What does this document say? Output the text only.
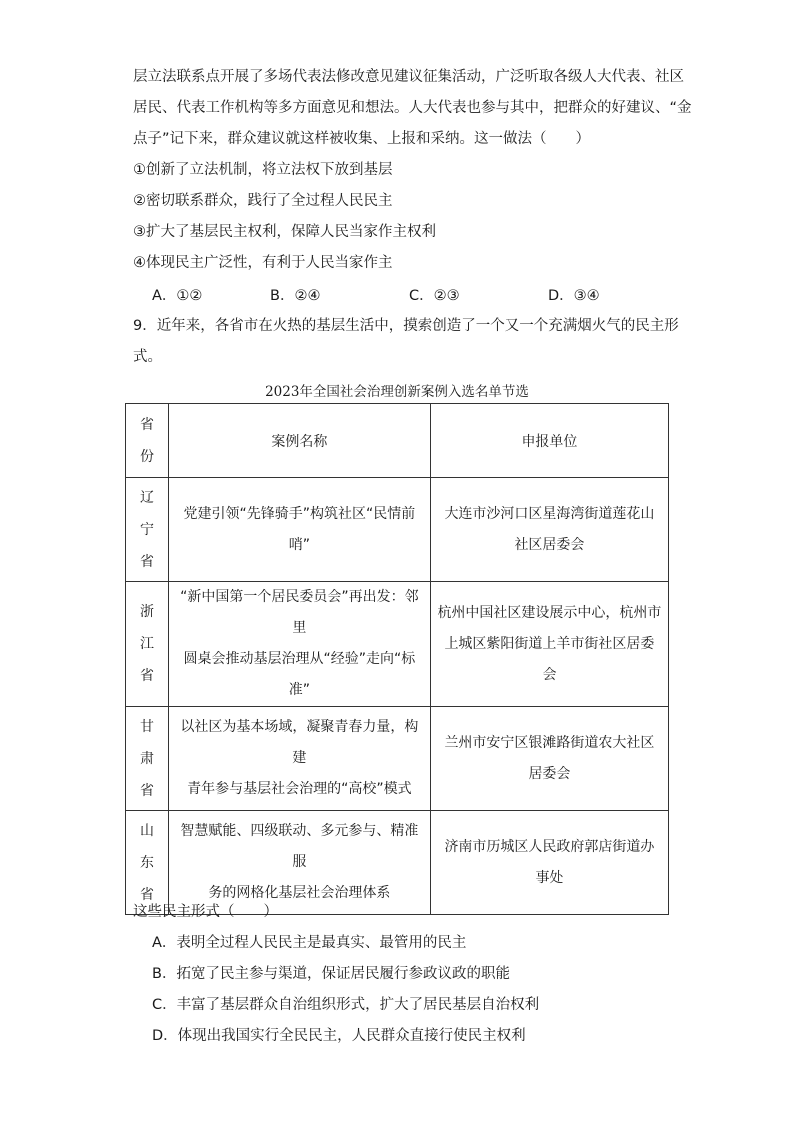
层立法联系点开展了多场代表法修改意见建议征集活动，广泛听取各级人大代表、社区
居民、代表工作机构等多方面意见和想法。人大代表也参与其中，把群众的好建议、“金
点子”记下来，群众建议就这样被收集、上报和采纳。这一做法（　　）
①创新了立法机制，将立法权下放到基层
②密切联系群众，践行了全过程人民民主
③扩大了基层民主权利，保障人民当家作主权利
④体现民主广泛性，有利于人民当家作主
A．①②	B．②④	C．②③	D．③④
9．近年来，各省市在火热的基层生活中，摸索创造了一个又一个充满烟火气的民主形
式。
2023年全国社会治理创新案例入选名单节选
省份	案例名称	申报单位

辽宁省	党建引领“先锋骑手”构筑社区“民情前哨”	大连市沙河口区星海湾街道莲花山
社区居委会

浙江省	“新中国第一个居民委员会”再出发：邻里
圆桌会推动基层治理从“经验”走向“标准”	杭州中国社区建设展示中心，杭州市
上城区紫阳街道上羊市街社区居委
会

甘肃省	以社区为基本场域，凝聚青春力量，构建
青年参与基层社会治理的“高校”模式	兰州市安宁区银滩路街道农大社区
居委会

山东省	智慧赋能、四级联动、多元参与、精准服
务的网格化基层社会治理体系	济南市历城区人民政府郭店街道办
事处
这些民主形式（　　）
A．表明全过程人民民主是最真实、最管用的民主
B．拓宽了民主参与渠道，保证居民履行参政议政的职能
C．丰富了基层群众自治组织形式，扩大了居民基层自治权利
D．体现出我国实行全民民主，人民群众直接行使民主权利
